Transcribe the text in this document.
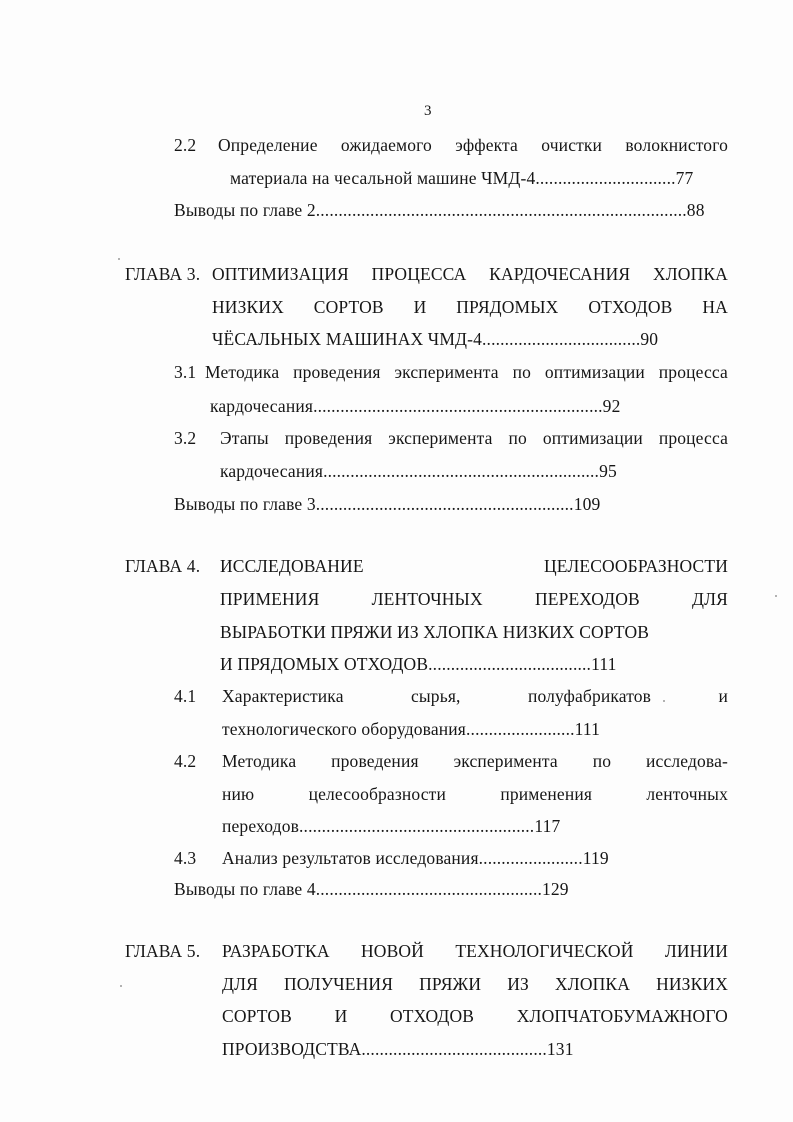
3
2.2 Определение ожидаемого эффекта очистки волокнистого
материала на чесальной машине ЧМД-4...............................77
Выводы по главе 2..................................................................................88
ГЛАВА 3. ОПТИМИЗАЦИЯ ПРОЦЕССА КАРДОЧЕСАНИЯ ХЛОПКА
НИЗКИХ СОРТОВ И ПРЯДОМЫХ ОТХОДОВ НА
ЧЁСАЛЬНЫХ МАШИНАХ ЧМД-4...................................90
3.1 Методика проведения эксперимента по оптимизации процесса
кардочесания................................................................92
3.2 Этапы проведения эксперимента по оптимизации процесса
кардочесания.............................................................95
Выводы по главе 3.........................................................109
ГЛАВА 4. ИССЛЕДОВАНИЕ	ЦЕЛЕСООБРАЗНОСТИ
ПРИМЕНИЯ	ЛЕНТОЧНЫХ	ПЕРЕХОДОВ	ДЛЯ
ВЫРАБОТКИ ПРЯЖИ ИЗ ХЛОПКА НИЗКИХ СОРТОВ
И ПРЯДОМЫХ ОТХОДОВ....................................111
4.1 Характеристика	сырья,	полуфабрикатов	и
технологического оборудования........................111
4.2 Методика проведения эксперимента по исследова-
нию	целесообразности	применения	ленточных
переходов....................................................117
4.3 Анализ результатов исследования.......................119
Выводы по главе 4..................................................129
ГЛАВА 5. РАЗРАБОТКА НОВОЙ ТЕХНОЛОГИЧЕСКОЙ ЛИНИИ
ДЛЯ ПОЛУЧЕНИЯ ПРЯЖИ ИЗ ХЛОПКА НИЗКИХ
СОРТОВ И ОТХОДОВ ХЛОПЧАТОБУМАЖНОГО
ПРОИЗВОДСТВА.........................................131
